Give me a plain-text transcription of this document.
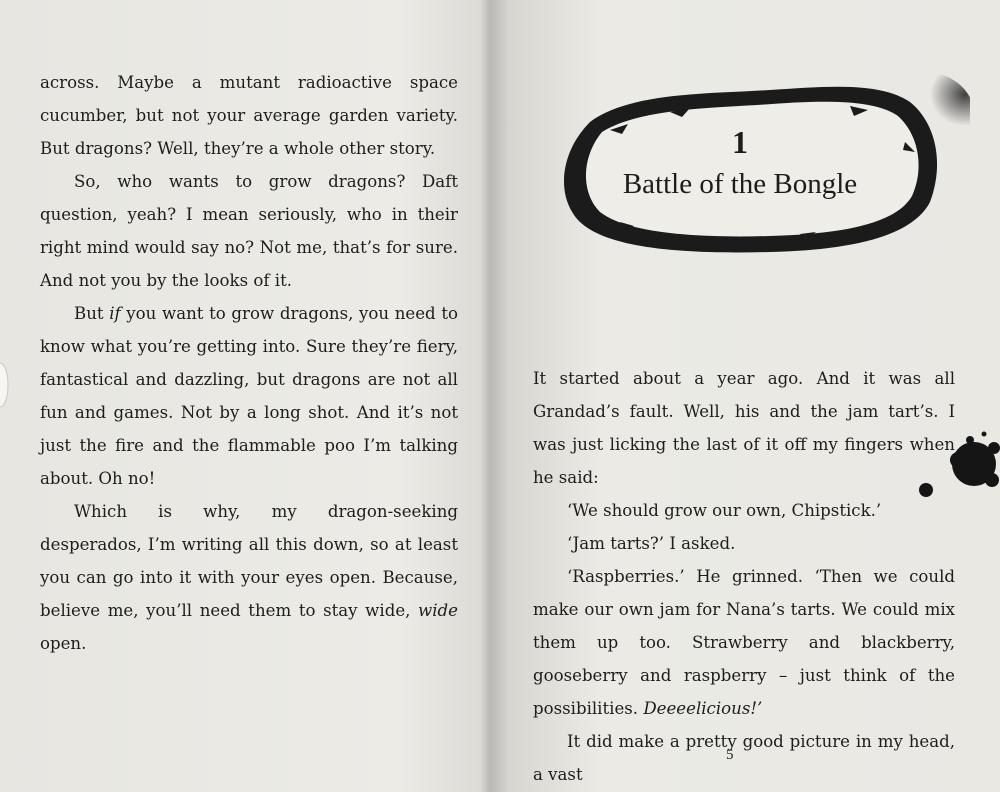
across. Maybe a mutant radioactive space cucumber, but not your average garden variety. But dragons? Well, they’re a whole other story.

So, who wants to grow dragons? Daft question, yeah? I mean seriously, who in their right mind would say no? Not me, that’s for sure. And not you by the looks of it.

But if you want to grow dragons, you need to know what you’re getting into. Sure they’re fiery, fantastical and dazzling, but dragons are not all fun and games. Not by a long shot. And it’s not just the fire and the flammable poo I’m talking about. Oh no!

Which is why, my dragon-seeking desperados, I’m writing all this down, so at least you can go into it with your eyes open. Because, believe me, you’ll need them to stay wide, wide open.

1
Battle of the Bongle

It started about a year ago. And it was all Grandad’s fault. Well, his and the jam tart’s. I was just licking the last of it off my fingers when he said:

‘We should grow our own, Chipstick.’

‘Jam tarts?’ I asked.

‘Raspberries.’ He grinned. ‘Then we could make our own jam for Nana’s tarts. We could mix them up too. Strawberry and blackberry, gooseberry and raspberry – just think of the possibilities. Deeeelicious!’

It did make a pretty good picture in my head, a vast

5
